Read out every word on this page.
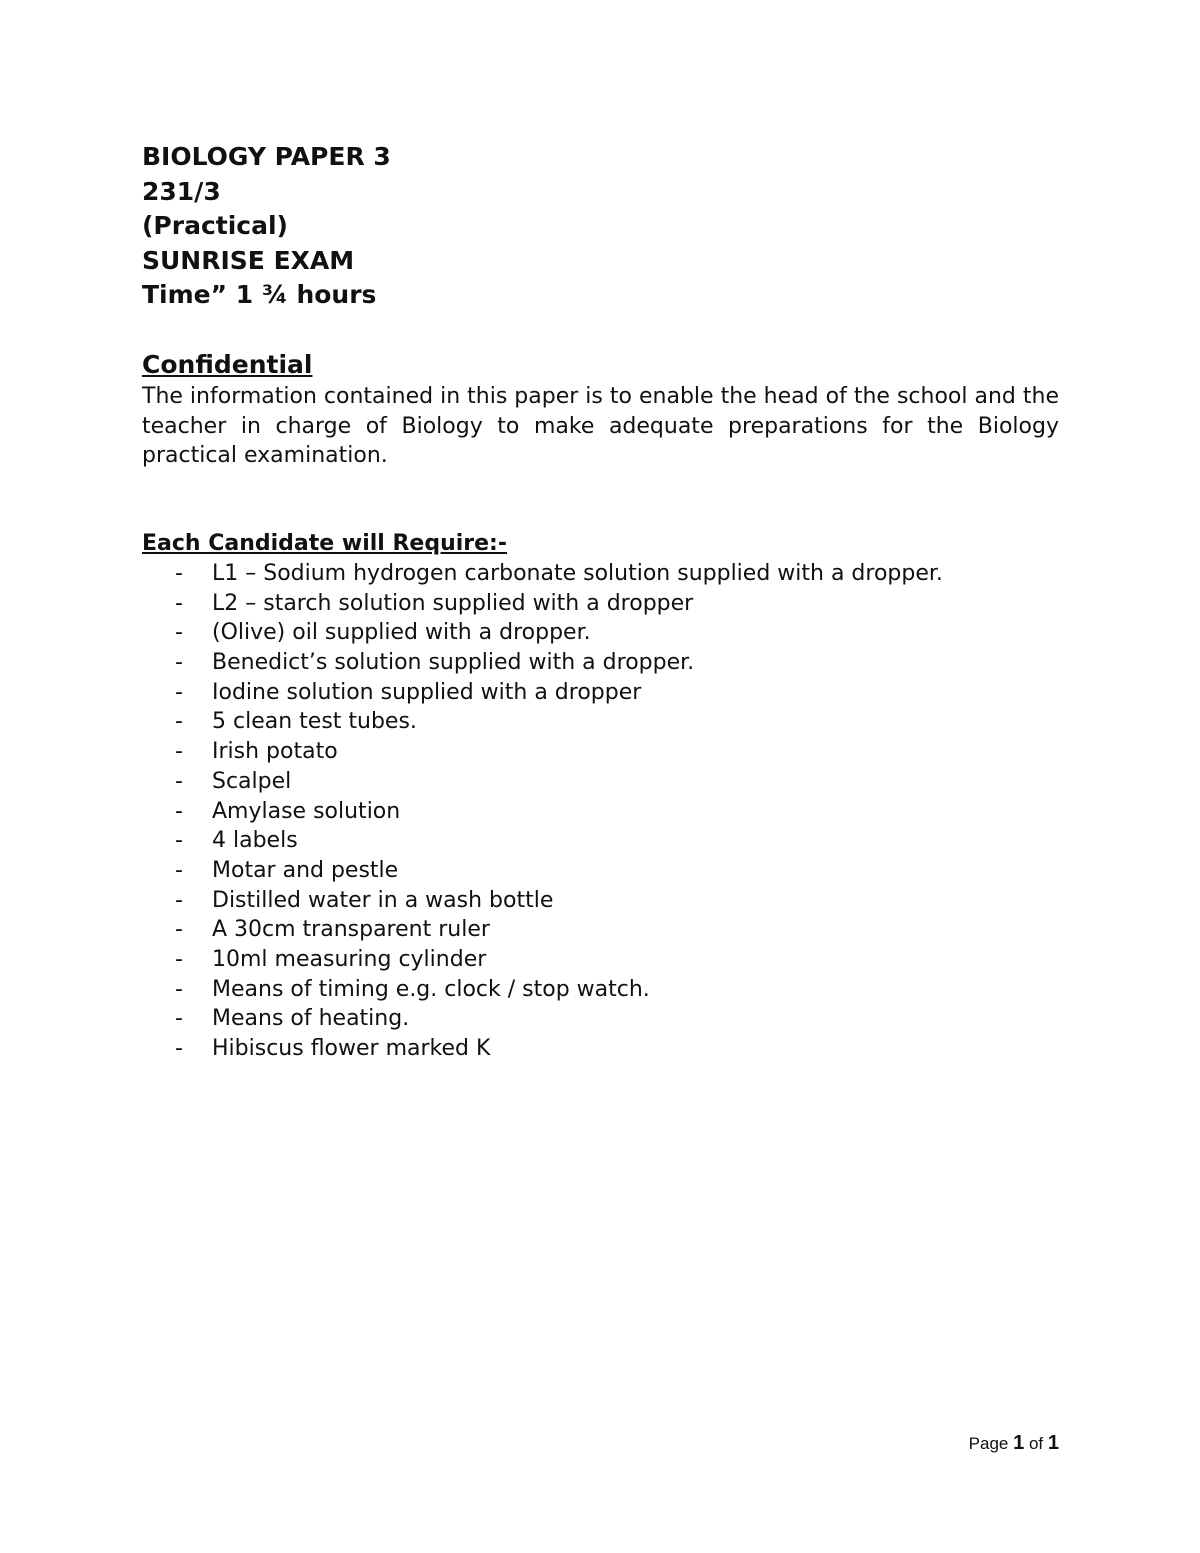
BIOLOGY PAPER 3

231/3

(Practical)

SUNRISE EXAM

Time” 1 ¾ hours

Confidential

The information contained in this paper is to enable the head of the school and the teacher in charge of Biology to make adequate preparations for the Biology practical examination.

Each Candidate will Require:-

- L1 – Sodium hydrogen carbonate solution supplied with a dropper.
- L2 – starch solution supplied with a dropper
- (Olive) oil supplied with a dropper.
- Benedict’s solution supplied with a dropper.
- Iodine solution supplied with a dropper
- 5 clean test tubes.
- Irish potato
- Scalpel
- Amylase solution
- 4 labels
- Motar and pestle
- Distilled water in a wash bottle
- A 30cm transparent ruler
- 10ml measuring cylinder
- Means of timing e.g. clock / stop watch.
- Means of heating.
- Hibiscus flower marked K
Page 1 of 1
